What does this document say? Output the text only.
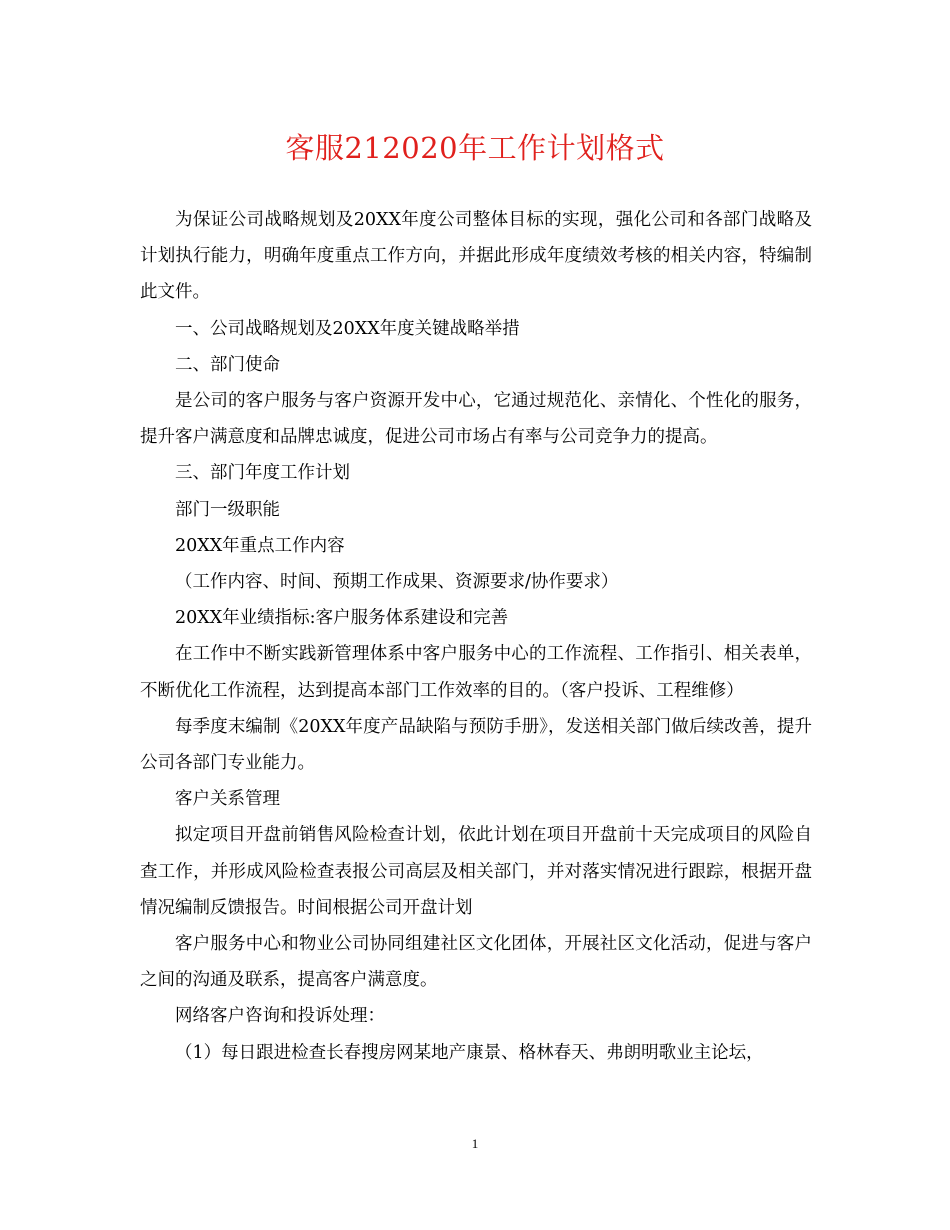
客服212020年工作计划格式

为保证公司战略规划及20XX年度公司整体目标的实现，强化公司和各部门战略及计划执行能力，明确年度重点工作方向，并据此形成年度绩效考核的相关内容，特编制此文件。

一、公司战略规划及20XX年度关键战略举措

二、部门使命

是公司的客户服务与客户资源开发中心，它通过规范化、亲情化、个性化的服务，提升客户满意度和品牌忠诚度，促进公司市场占有率与公司竞争力的提高。

三、部门年度工作计划

部门一级职能

20XX年重点工作内容

（工作内容、时间、预期工作成果、资源要求/协作要求）

20XX年业绩指标:客户服务体系建设和完善

在工作中不断实践新管理体系中客户服务中心的工作流程、工作指引、相关表单，不断优化工作流程，达到提高本部门工作效率的目的。（客户投诉、工程维修）

每季度末编制《20XX年度产品缺陷与预防手册》，发送相关部门做后续改善，提升公司各部门专业能力。

客户关系管理

拟定项目开盘前销售风险检查计划，依此计划在项目开盘前十天完成项目的风险自查工作，并形成风险检查表报公司高层及相关部门，并对落实情况进行跟踪，根据开盘情况编制反馈报告。时间根据公司开盘计划

客户服务中心和物业公司协同组建社区文化团体，开展社区文化活动，促进与客户之间的沟通及联系，提高客户满意度。

网络客户咨询和投诉处理：

（1）每日跟进检查长春搜房网某地产康景、格林春天、弗朗明歌业主论坛，

1
